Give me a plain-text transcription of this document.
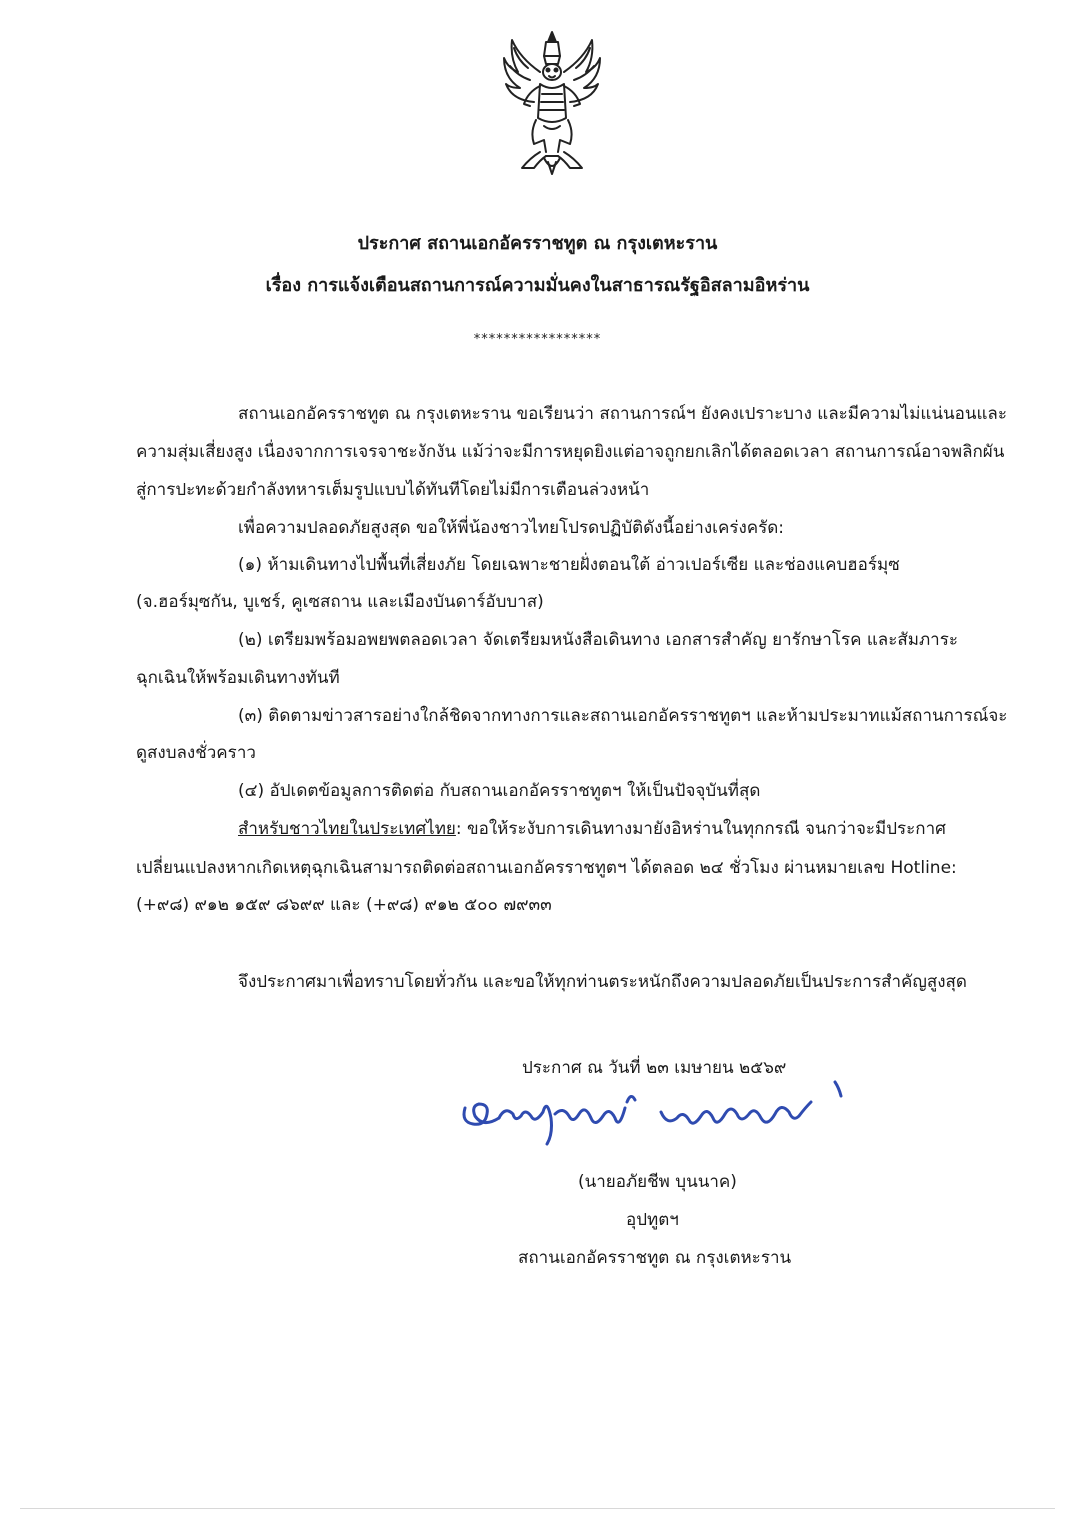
ประกาศ สถานเอกอัครราชทูต ณ กรุงเตหะราน
เรื่อง การแจ้งเตือนสถานการณ์ความมั่นคงในสาธารณรัฐอิสลามอิหร่าน
*****************
สถานเอกอัครราชทูต ณ กรุงเตหะราน ขอเรียนว่า สถานการณ์ฯ ยังคงเปราะบาง และมีความไม่แน่นอนและ
ความสุ่มเสี่ยงสูง เนื่องจากการเจรจาชะงักงัน แม้ว่าจะมีการหยุดยิงแต่อาจถูกยกเลิกได้ตลอดเวลา สถานการณ์อาจพลิกผัน
สู่การปะทะด้วยกำลังทหารเต็มรูปแบบได้ทันทีโดยไม่มีการเตือนล่วงหน้า
เพื่อความปลอดภัยสูงสุด ขอให้พี่น้องชาวไทยโปรดปฏิบัติดังนี้อย่างเคร่งครัด:
(๑) ห้ามเดินทางไปพื้นที่เสี่ยงภัย โดยเฉพาะชายฝั่งตอนใต้ อ่าวเปอร์เซีย และช่องแคบฮอร์มุซ
(จ.ฮอร์มุซกัน, บูเชร์, คูเซสถาน และเมืองบันดาร์อับบาส)
(๒) เตรียมพร้อมอพยพตลอดเวลา จัดเตรียมหนังสือเดินทาง เอกสารสำคัญ ยารักษาโรค และสัมภาระ
ฉุกเฉินให้พร้อมเดินทางทันที
(๓) ติดตามข่าวสารอย่างใกล้ชิดจากทางการและสถานเอกอัครราชทูตฯ และห้ามประมาทแม้สถานการณ์จะ
ดูสงบลงชั่วคราว
(๔) อัปเดตข้อมูลการติดต่อ กับสถานเอกอัครราชทูตฯ ให้เป็นปัจจุบันที่สุด
สำหรับชาวไทยในประเทศไทย: ขอให้ระงับการเดินทางมายังอิหร่านในทุกกรณี จนกว่าจะมีประกาศ
เปลี่ยนแปลงหากเกิดเหตุฉุกเฉินสามารถติดต่อสถานเอกอัครราชทูตฯ ได้ตลอด ๒๔ ชั่วโมง ผ่านหมายเลข Hotline:
(+๙๘) ๙๑๒ ๑๕๙ ๘๖๙๙ และ (+๙๘) ๙๑๒ ๕๐๐ ๗๙๓๓
จึงประกาศมาเพื่อทราบโดยทั่วกัน และขอให้ทุกท่านตระหนักถึงความปลอดภัยเป็นประการสำคัญสูงสุด
ประกาศ ณ วันที่ ๒๓ เมษายน ๒๕๖๙
(นายอภัยชีพ บุนนาค)
อุปทูตฯ
สถานเอกอัครราชทูต ณ กรุงเตหะราน
